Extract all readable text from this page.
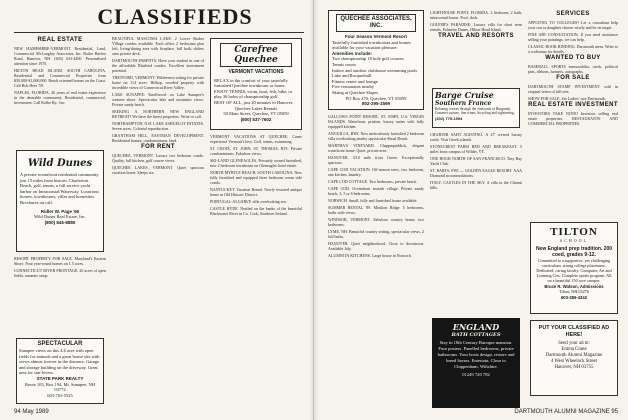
CLASSIFIEDS
REAL ESTATE

NEW HAMPSHIRE-VERMONT. Residential, Land, Commercial. McLaughry Associates, Inc. Boiler Harbor Road, Hanover, NH. (603) 643-4400. Personalized attention since 1970.

HILTON HEAD ISLAND, SOUTH CAROLINA. Residential and Commercial Properties from $30,000-$1,000,000. Beach oriented homes on the Coast. Call Bob Heer '59.

NAPLES, FLORIDA. 26 years of real estate experience in the desirable community. Residential, commercial, investment. Call Kolbe Ry., Inc.

Wild Dunes
A private oceanfront residential community just 15 miles from historic Charleston. Beach, golf, tennis, a full service yacht harbor on Intracoastal Waterway. Luxurious homes, townhouses, villas and homesites. Brochures on call.
Ridler W. Page '60
Wild Dunes Real Estate, Inc.
(800) 845-8880

RESORT PROPERTY FOR SALE. Maryland's Eastern Shore. Four year-round homes on 1.5 acres.

CONNECTICUT RIVER FRONTAGE. 20 acres of open fields, summer camp.

SPECTACULAR
Sunapee views on this 4.6 acre with open fields for animals and a great house site with views almost forever in the distance. Garage and storage building on the driveway. Great area for sun-lovers.
STATE PARK REALTY
Route 103, Box 194, Mt. Sunapee, NH 03772
603-763-5525

BEAUTIFUL MASCOMA LAKE: 2 Lower Shaker Village condos available. Each offers 2 bedrooms plus loft, living/dining area with fireplace, full bath, sliders onto private deck.

DARTMOUTH PARENTS: Have your student in one of the affordable Bluebird condos. Excellent investment potential.

THETFORD, VERMONT: Wilderness setting for private home on 114 acres. Hilltop, wooded property with incredible views of Connecticut River Valley.

LAKE SUNAPEE: Knollwood on Lake Sunapee's western shore. Spectacular lake and mountain views. Private sandy beach.

SEEKING A NORTHERN NEW ENGLAND RETREAT? We have the finest properties. Write or call.

NORTHAMPTON, N.H. LAKE ASHUELOT ESTATES. Seven acres, Colonial reproduction.

GRANTHAM HILL, EASTMAN DEVELOPMENT. Residential homes, condominiums, land.

FOR RENT

QUECHEE, VERMONT. Luxury two bedroom condo. Quality, full kitchen, golf course views.

QUECHEE LAKES, VERMONT. Quiet spacious vacation home. Sleeps six.

Carefree Quechee
VERMONT VACATIONS
RELAX in the comfort of your tastefully furnished Quechee townhouse or home.
ENJOY TENNIS, swim, boat, fish, hike, or play 36 holes of championship golf.
BEST OF ALL, just 20 minutes to Hanover.
Quechee Lakes Rentals
50 Main Street, Quechee, VT 05059
(800) 537-7602

VERMONT VACATIONS AT QUECHEE. Come experience Vermont's best. Golf, tennis, swimming.

ST. CROIX, ST. JOHN, ST. THOMAS, BVI. Private condominiums. Fabulous views.

SKI-LAND GLENEAGLES. Privately owned furnished, new 2 bedroom townhouse on Gleneagles hotel estate.

NORTH MYRTLE BEACH, SOUTH CAROLINA. New fully furnished and equipped three bedroom ocean side condo.

NANTUCKET. Vacation Rental. Newly restored antique home in Old Historic District.

PORTUGAL-ALGARVE villa overlooking sea.

CASTLE HYDE. Nestled on the banks of the beautiful Blackwater River in Co. Cork, Southern Ireland.

94 May 1989
QUECHEE ASSOCIATES, INC.
Four Season Vermont Resort
Tastefully furnished townhouses and homes available for your vacation pleasure.
Amenities include:
Two championship 18 hole golf courses
Tennis courts
Indoor and outdoor clubhouse swimming pools
Lake and Racquetball
Fitness center and lounge
Five restaurants nearby
Skiing at Quechee Slopes
PO Box 270, Quechee, VT 05059
802-295-1599

GALLOWS POINT RESORT, ST. JOHN, U.S. VIRGIN ISLANDS. Waterfront, pristine, luxury suites with fully equipped kitchen.

ANGUILLA, BWI. New meticulously furnished 2 bedroom villa overlooking nearby spectacular Shoal Beach.

MARTHA'S VINEYARD. Chappaquiddick, elegant waterfront home. Quiet, private area.

HANOVER. 3/10 mile from Green. Exceptionally spacious.

CAPE COD VACATION. Off-season rates, two bedroom, one kitchen, laundry.

CAPE COD COTTAGE. Two bedrooms, private beach.

CAPE COD. Oceanfront seaside village. Private sandy beach, 3, 5 or 6 bedrooms.

NORWICH. Small, fully and furnished house available.

SUMMER RENTAL '89. Moulton Ridge. 5 bedrooms, baths with views.

WINDSOR, VERMONT. Fabulous country home, two bedrooms.

LYME, NH. Beautiful country setting, spectacular views. 2 full baths.

HANOVER. Quiet neighborhood. Close to downtown. Available July.

ALUMNI IN KITCHENS. Large house in Norwich.

LIGHTHOUSE POINT, FLORIDA. 2 bedroom, 2 bath, intracoastal home. Pool, dock.

GOLFER'S PARADISE: Luxury villa for short term rentals, Palmetto Dunes, Hilton Head Island.

TRAVEL AND RESORTS
Barge Cruise
Southern France
Relaxing cruises through the vineyards of Burgundy. Gourmet cuisine, fine wines, bicycling and sightseeing.
(202) 775-1994

CHARTER SAHT AGISTINO. A 47' crewed luxury yacht. Visit Greek islands.

STONECREST FARM BED AND BREAKFAST. 5 miles from campus of Wilder, VT.

ONE HOUR NORTH OF SAN FRANCISCO. Tiny Bay Yacht Club.

ST. BARTS, FWI — GOLDEN EAGLE RESORT. AAA Diamond accommodations.

ITALY. CASTLES IN THE SKY. A villa in the Chianti hills.

ENGLAND
BATH COTTAGES
Stay in 18th Century Baroque mansion. Four posters. Panelled bedrooms, private bathrooms. Your hosts design, restore and breed horses. Entertain. Close to Chippenham, Wiltshire.
01249 720 782
SERVICES

APPLYING TO COLLEGES? Let a consultant help your son or daughter choose wisely and be on target.

FINE ART CONSULTATION. If you need assistance selling your paintings, we can help.

CLASSIC BOOK BINDING. Dartmouth mem. Write to a craftsman for details.

WANTED TO BUY

BASEBALL SPORTS memorabilia, cards, political pins, ribbons, banners, autographs.

FOR SALE

DARTMOUTH STAMP INVESTMENT sold in original series of full sets.

SHOW FOR SALE: Six Ladies' size Dartmouth.

REAL ESTATE INVESTMENT

INVESTORS TAKE NOTE! Investors selling real estate properties. RESTAURANTS AND COMMERCIAL PROPERTIES.

TILTON
SCHOOL
New England prep tradition. 200 coed, grades 9-12.
Committed to a supportive, yet challenging curriculum, strong college placement. Dedicated, caring faculty. Computer, Art and Learning Ctrs. Complete sports program. All on a beautiful 150 acre campus.
Bruce R. Watson, Admissions
Tilton, NH 03276
603-286-4342
PUT YOUR CLASSIFIED AD HERE!
Send your ad to:
Emma Crane
Dartmouth Alumni Magazine
4 West Wheelock Street
Hanover, NH 03755
DARTMOUTH ALUMNI MAGAZINE 95
